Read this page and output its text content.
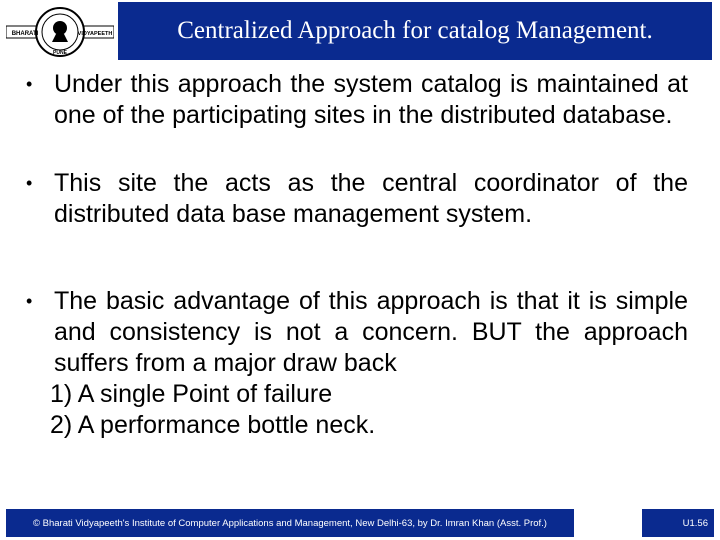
BHARATI	VIDYAPEETH
PUNE
Centralized Approach for catalog Management.
• Under this approach the system catalog is maintained at one of the participating sites in the distributed database.
• This site the acts as the central coordinator of the distributed data base management system.
• The basic advantage of this approach is that it is simple and consistency is not a concern. BUT the approach suffers from a major draw back
1) A single Point of failure
2) A performance bottle neck.
© Bharati Vidyapeeth's Institute of Computer Applications and Management, New Delhi-63, by Dr. Imran Khan (Asst. Prof.)	U1.56
